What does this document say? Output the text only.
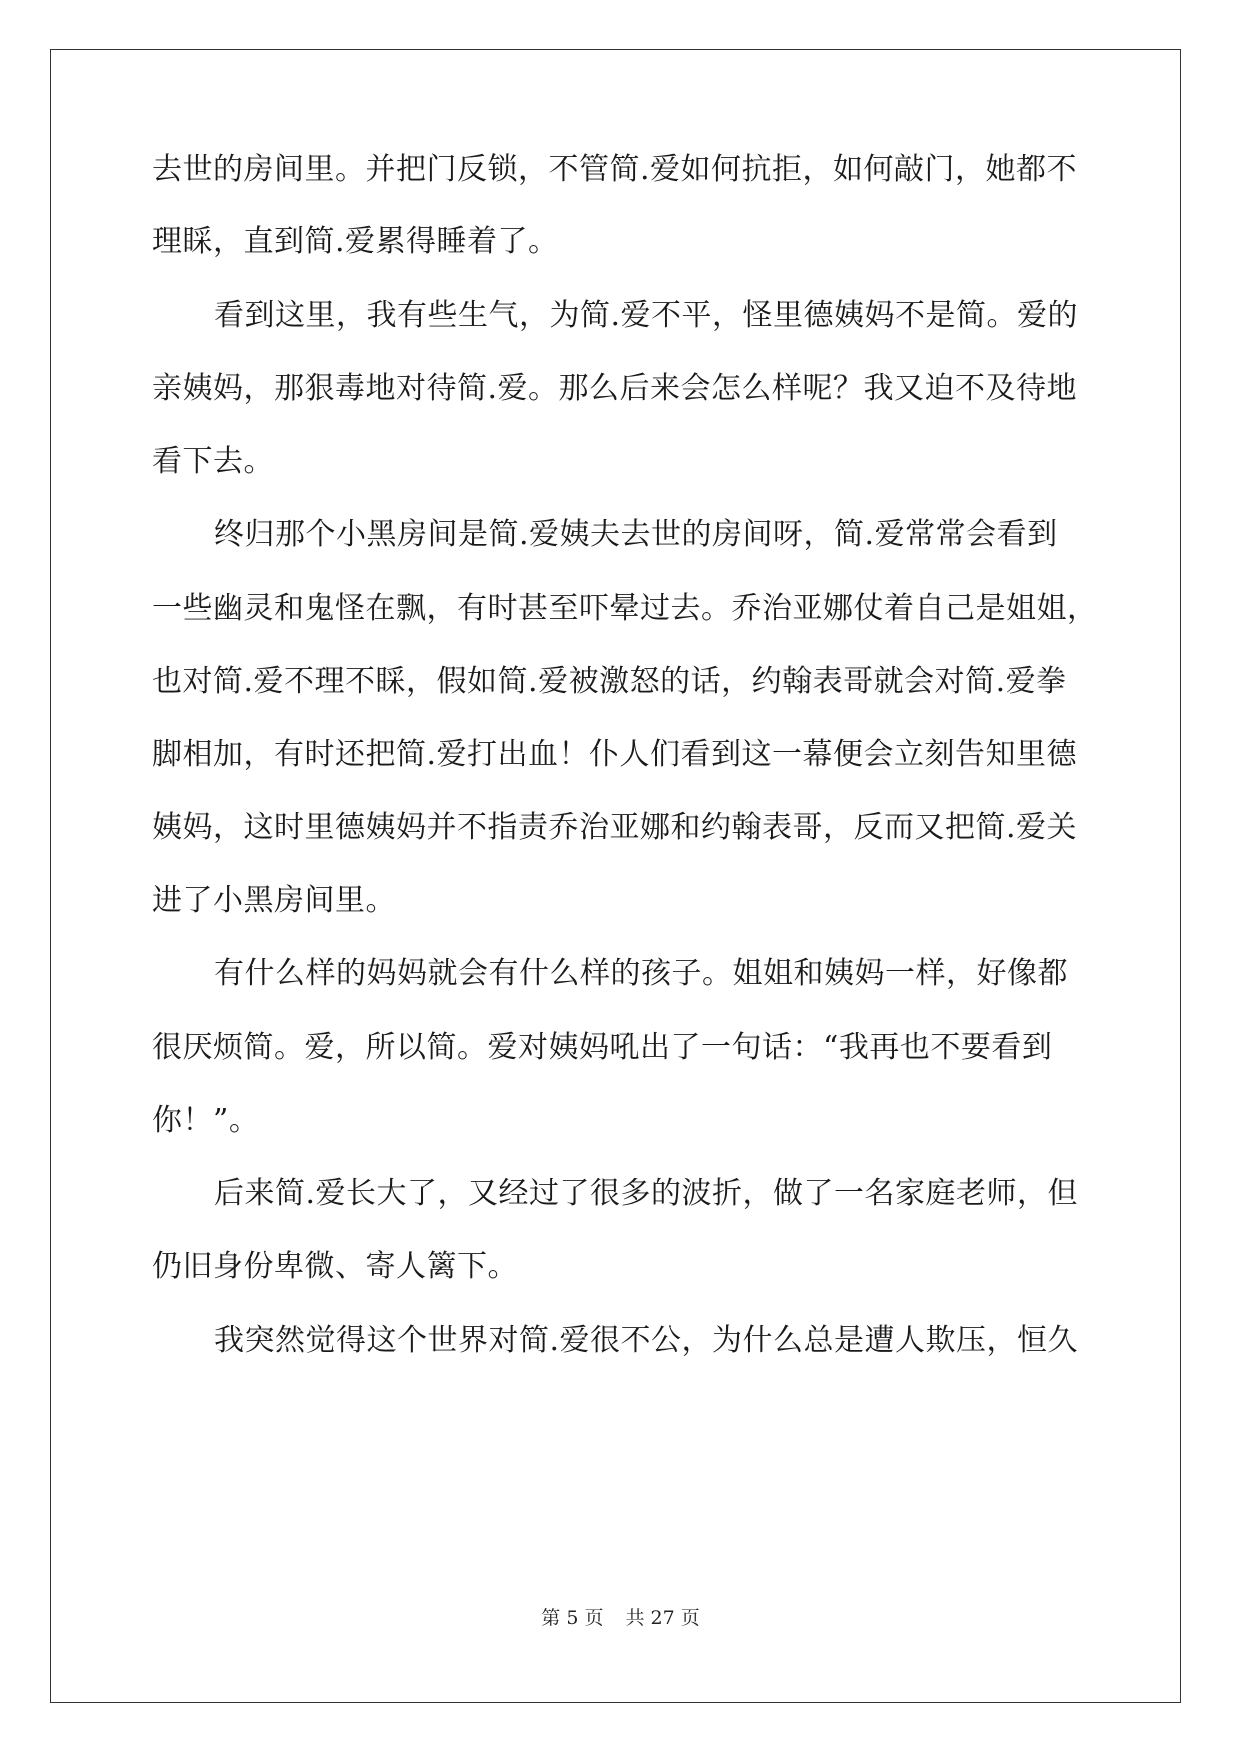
去世的房间里。并把门反锁，不管简.爱如何抗拒，如何敲门，她都不
理睬，直到简.爱累得睡着了。
看到这里，我有些生气，为简.爱不平，怪里德姨妈不是简。爱的
亲姨妈，那狠毒地对待简.爱。那么后来会怎么样呢？我又迫不及待地
看下去。
终归那个小黑房间是简.爱姨夫去世的房间呀，简.爱常常会看到
一些幽灵和鬼怪在飘，有时甚至吓晕过去。乔治亚娜仗着自己是姐姐，
也对简.爱不理不睬，假如简.爱被激怒的话，约翰表哥就会对简.爱拳
脚相加，有时还把简.爱打出血！仆人们看到这一幕便会立刻告知里德
姨妈，这时里德姨妈并不指责乔治亚娜和约翰表哥，反而又把简.爱关
进了小黑房间里。
有什么样的妈妈就会有什么样的孩子。姐姐和姨妈一样，好像都
很厌烦简。爱，所以简。爱对姨妈吼出了一句话：“我再也不要看到
你！”。
后来简.爱长大了，又经过了很多的波折，做了一名家庭老师，但
仍旧身份卑微、寄人篱下。
我突然觉得这个世界对简.爱很不公，为什么总是遭人欺压，恒久
第 5 页 共 27 页
